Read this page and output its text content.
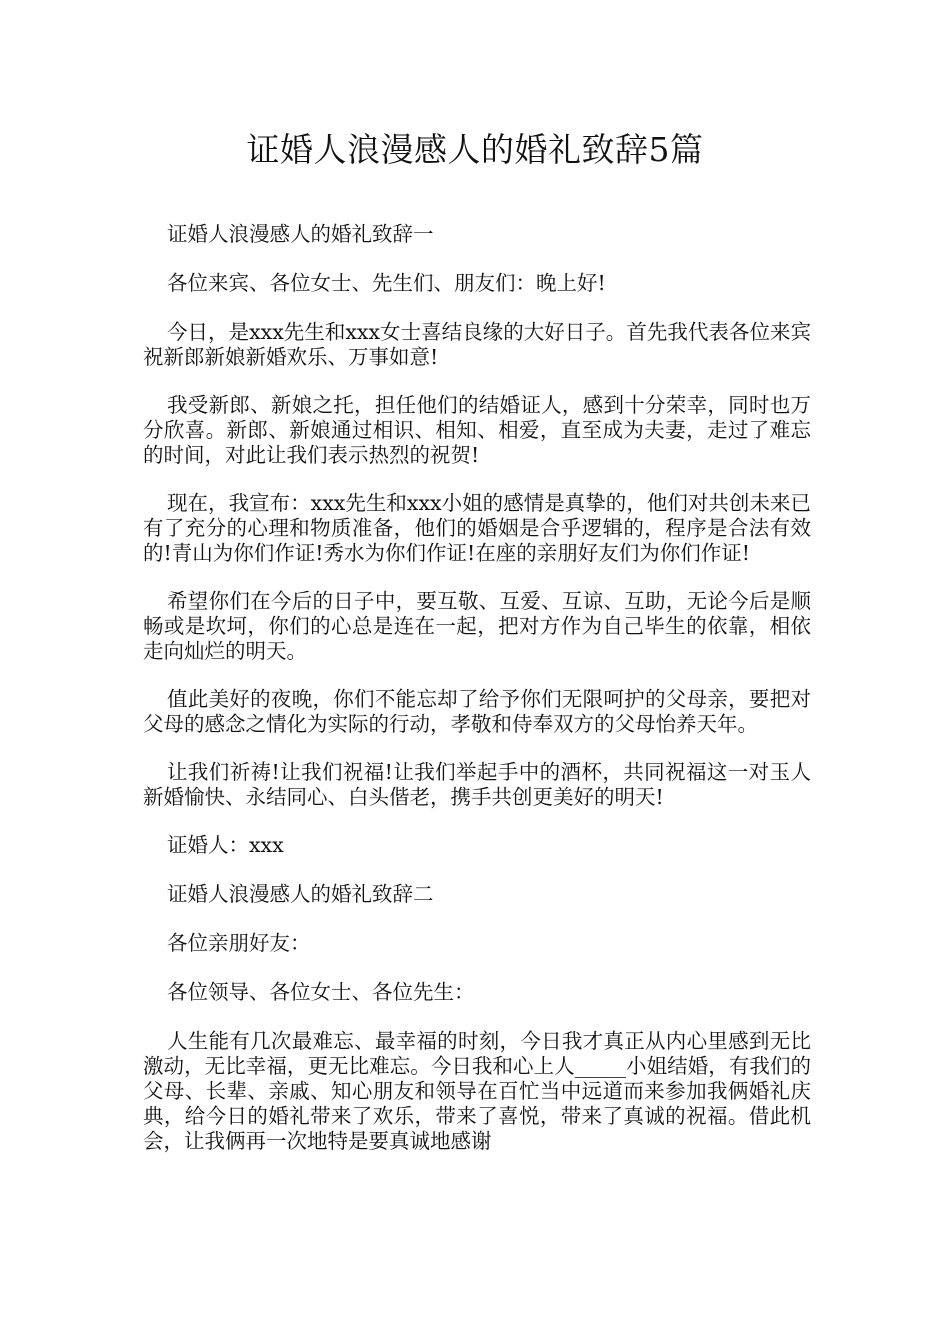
证婚人浪漫感人的婚礼致辞5篇

证婚人浪漫感人的婚礼致辞一

各位来宾、各位女士、先生们、朋友们：晚上好!

今日，是xxx先生和xxx女士喜结良缘的大好日子。首先我代表各位来宾祝新郎新娘新婚欢乐、万事如意!

我受新郎、新娘之托，担任他们的结婚证人，感到十分荣幸，同时也万分欣喜。新郎、新娘通过相识、相知、相爱，直至成为夫妻，走过了难忘的时间，对此让我们表示热烈的祝贺!

现在，我宣布：xxx先生和xxx小姐的感情是真挚的，他们对共创未来已有了充分的心理和物质准备，他们的婚姻是合乎逻辑的，程序是合法有效的!青山为你们作证!秀水为你们作证!在座的亲朋好友们为你们作证!

希望你们在今后的日子中，要互敬、互爱、互谅、互助，无论今后是顺畅或是坎坷，你们的心总是连在一起，把对方作为自己毕生的依靠，相依走向灿烂的明天。

值此美好的夜晚，你们不能忘却了给予你们无限呵护的父母亲，要把对父母的感念之情化为实际的行动，孝敬和侍奉双方的父母怡养天年。

让我们祈祷!让我们祝福!让我们举起手中的酒杯，共同祝福这一对玉人新婚愉快、永结同心、白头偕老，携手共创更美好的明天!

证婚人：xxx

证婚人浪漫感人的婚礼致辞二

各位亲朋好友：

各位领导、各位女士、各位先生：

人生能有几次最难忘、最幸福的时刻，今日我才真正从内心里感到无比激动，无比幸福，更无比难忘。今日我和心上人_____小姐结婚，有我们的父母、长辈、亲戚、知心朋友和领导在百忙当中远道而来参加我俩婚礼庆典，给今日的婚礼带来了欢乐，带来了喜悦，带来了真诚的祝福。借此机会，让我俩再一次地特是要真诚地感谢
